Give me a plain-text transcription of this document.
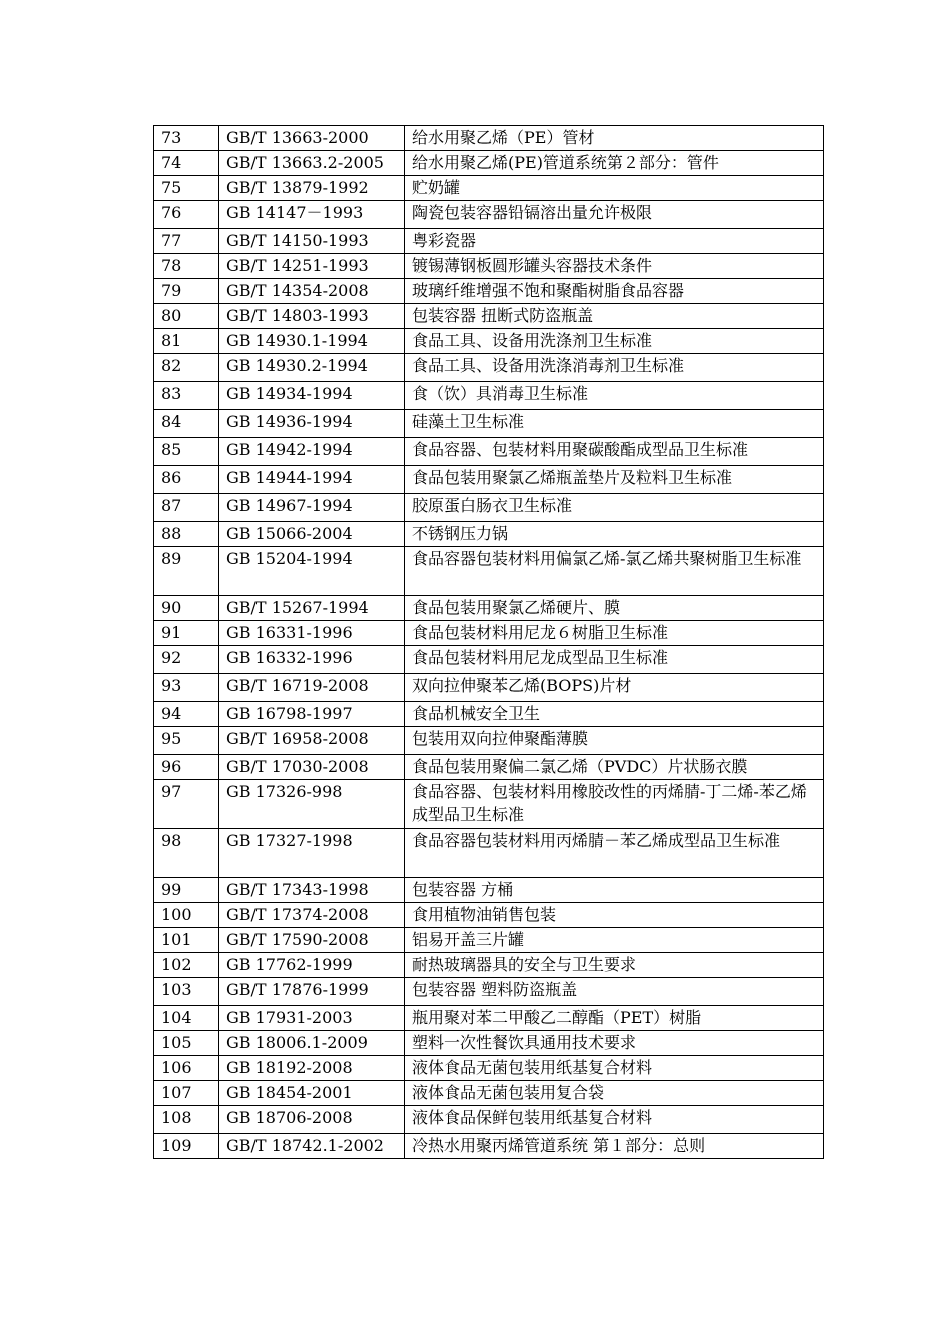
73	GB/T 13663-2000	给水用聚乙烯（PE）管材
74	GB/T 13663.2-2005	给水用聚乙烯(PE)管道系统第２部分：管件
75	GB/T 13879-1992	贮奶罐
76	GB 14147－1993	陶瓷包装容器铅镉溶出量允许极限
77	GB/T 14150-1993	粤彩瓷器
78	GB/T 14251-1993	镀锡薄钢板圆形罐头容器技术条件
79	GB/T 14354-2008	玻璃纤维增强不饱和聚酯树脂食品容器
80	GB/T 14803-1993	包装容器 扭断式防盗瓶盖
81	GB 14930.1-1994	食品工具、设备用洗涤剂卫生标准
82	GB 14930.2-1994	食品工具、设备用洗涤消毒剂卫生标准
83	GB 14934-1994	食（饮）具消毒卫生标准
84	GB 14936-1994	硅藻土卫生标准
85	GB 14942-1994	食品容器、包装材料用聚碳酸酯成型品卫生标准
86	GB 14944-1994	食品包装用聚氯乙烯瓶盖垫片及粒料卫生标准
87	GB 14967-1994	胶原蛋白肠衣卫生标准
88	GB 15066-2004	不锈钢压力锅
89	GB 15204-1994	食品容器包装材料用偏氯乙烯-氯乙烯共聚树脂卫生标准
90	GB/T 15267-1994	食品包装用聚氯乙烯硬片、膜
91	GB 16331-1996	食品包装材料用尼龙６树脂卫生标准
92	GB 16332-1996	食品包装材料用尼龙成型品卫生标准
93	GB/T 16719-2008	双向拉伸聚苯乙烯(BOPS)片材
94	GB 16798-1997	食品机械安全卫生
95	GB/T 16958-2008	包装用双向拉伸聚酯薄膜
96	GB/T 17030-2008	食品包装用聚偏二氯乙烯（PVDC）片状肠衣膜
97	GB 17326-998	食品容器、包装材料用橡胶改性的丙烯腈-丁二烯-苯乙烯成型品卫生标准
98	GB 17327-1998	食品容器包装材料用丙烯腈－苯乙烯成型品卫生标准
99	GB/T 17343-1998	包装容器 方桶
100	GB/T 17374-2008	食用植物油销售包装
101	GB/T 17590-2008	铝易开盖三片罐
102	GB 17762-1999	耐热玻璃器具的安全与卫生要求
103	GB/T 17876-1999	包装容器 塑料防盗瓶盖
104	GB 17931-2003	瓶用聚对苯二甲酸乙二醇酯（PET）树脂
105	GB 18006.1-2009	塑料一次性餐饮具通用技术要求
106	GB 18192-2008	液体食品无菌包装用纸基复合材料
107	GB 18454-2001	液体食品无菌包装用复合袋
108	GB 18706-2008	液体食品保鲜包装用纸基复合材料
109	GB/T 18742.1-2002	冷热水用聚丙烯管道系统 第１部分：总则
